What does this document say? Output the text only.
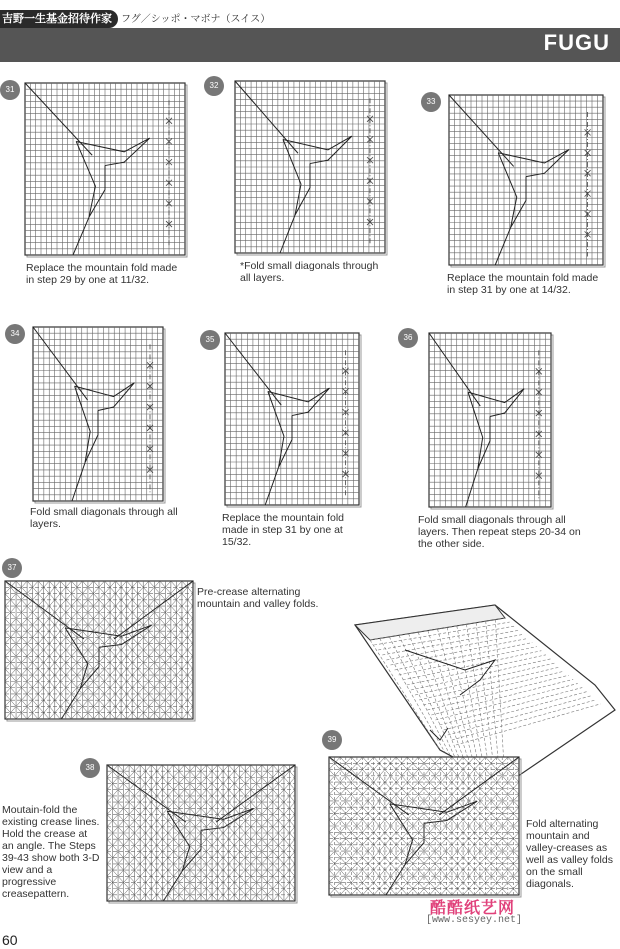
吉野一生基金招待作家 フグ／シッポ・マボナ（スイス）
FUGU
31
Replace the mountain fold made in step 29 by one at 11/32.
32
*Fold small diagonals through all layers.
33
Replace the mountain fold made in step 31 by one at 14/32.
34
Fold small diagonals through all layers.
35
Replace the mountain fold made in step 31 by one at 15/32.
36
Fold small diagonals through all layers. Then repeat steps 20-34 on the other side.
37
Pre-crease alternating mountain and valley folds.
38
Moutain-fold the existing crease lines. Hold the crease at an angle. The Steps 39-43 show both 3-D view and a progressive creasepattern.
39
Fold alternating mountain and valley-creases as well as valley folds on the small diagonals.
60
酷酷纸艺网
[www.sesyey.net]
